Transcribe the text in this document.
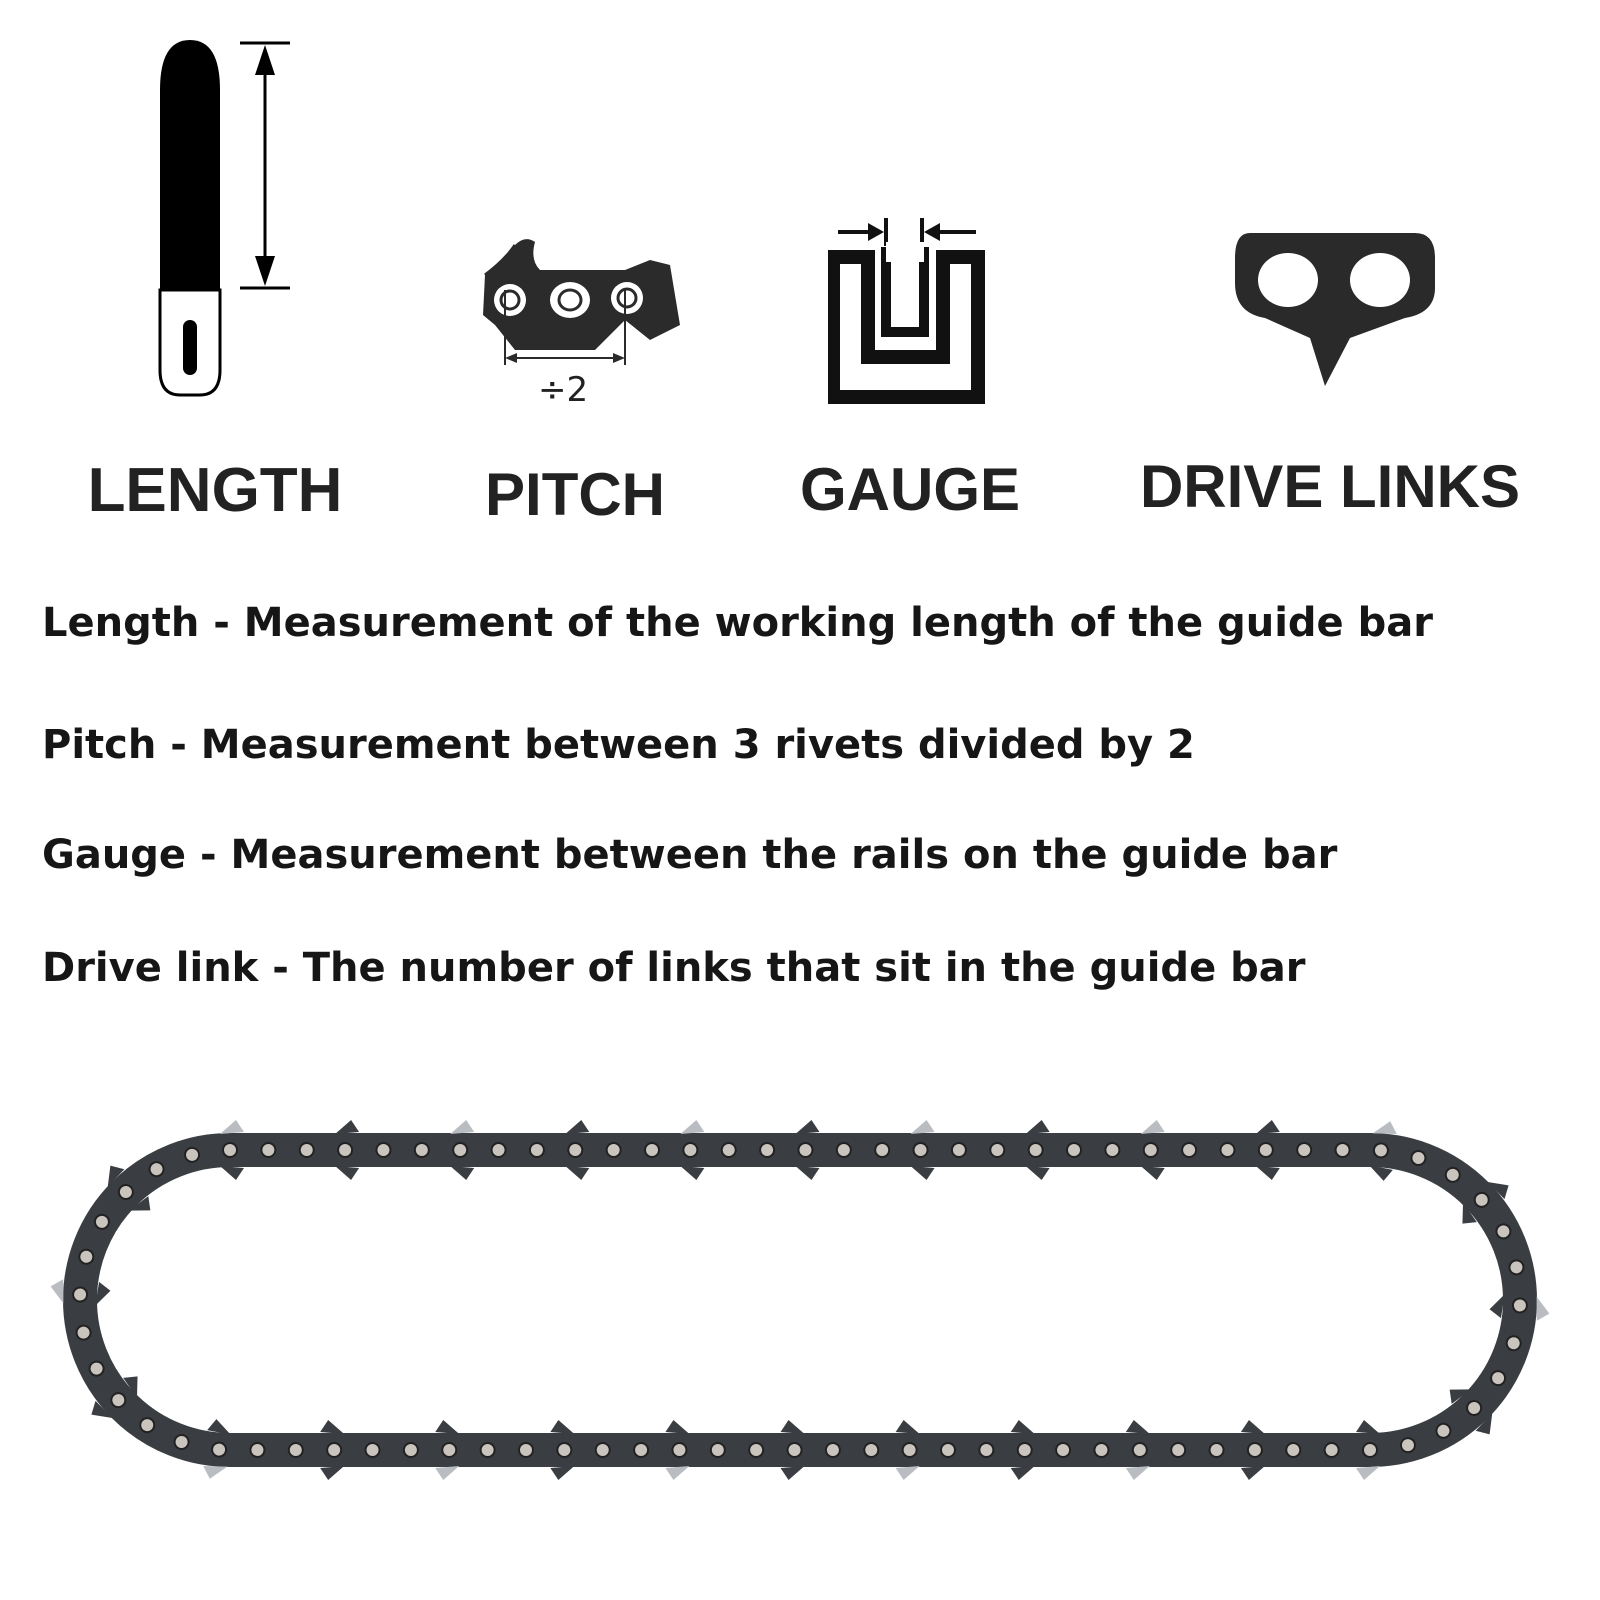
LENGTH
÷2
PITCH	GAUGE	DRIVE LINKS
Length - Measurement of the working length of the guide bar
Pitch - Measurement between 3 rivets divided by 2
Gauge - Measurement between the rails on the guide bar
Drive link - The number of links that sit in the guide bar
